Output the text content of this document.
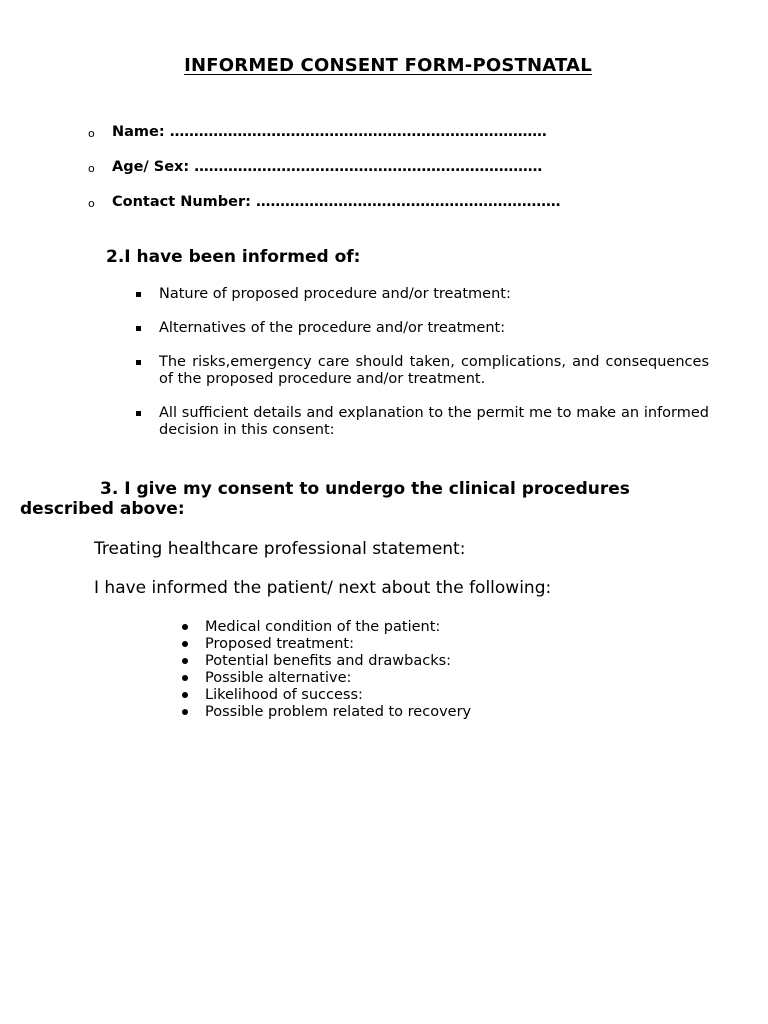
INFORMED CONSENT FORM-POSTNATAL
o Name: ……………………………………………………………………
o Age/ Sex: ………………………………………………………………
o Contact Number: ………………………………………………………
2.I have been informed of:
Nature of proposed procedure and/or treatment:
Alternatives of the procedure and/or treatment:
The risks,emergency care should taken, complications, and consequences of the proposed procedure and/or treatment.
All sufficient details and explanation to the permit me to make an informed decision in this consent:
3. I give my consent to undergo the clinical procedures
described above:
Treating healthcare professional statement:
I have informed the patient/ next about the following:
Medical condition of the patient:
Proposed treatment:
Potential benefits and drawbacks:
Possible alternative:
Likelihood of success:
Possible problem related to recovery
